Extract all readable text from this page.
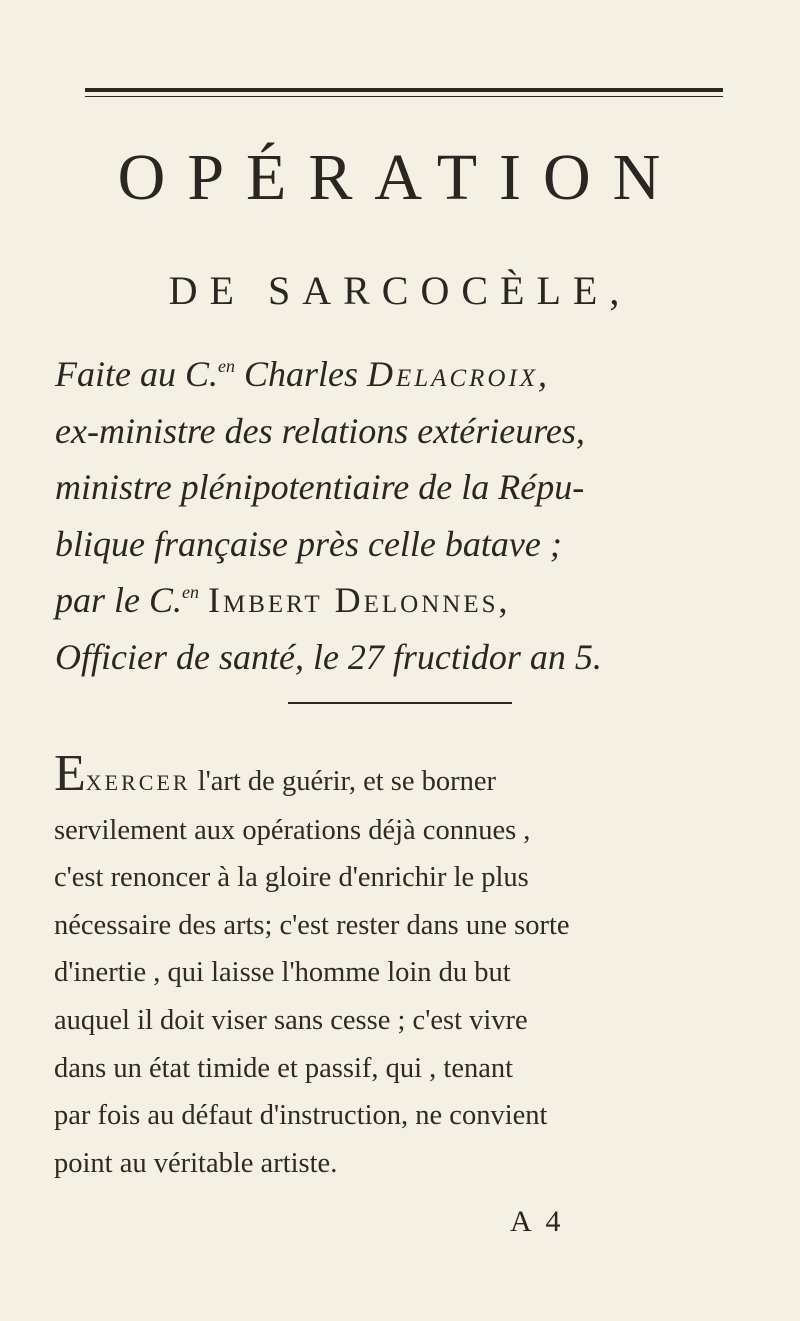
OPÉRATION
DE SARCOCÈLE,

Faite au C.$^{en}$ Charles Delacroix,
ex-ministre des relations extérieures,
ministre plénipotentiaire de la Répu-
blique française près celle batave ;
par le C.$^{en}$ Imbert Delonnes,
Officier de santé, le 27 fructidor an 5.

EXERCER l'art de guérir, et se borner
servilement aux opérations déjà connues ,
c'est renoncer à la gloire d'enrichir le plus
nécessaire des arts; c'est rester dans une sorte
d'inertie , qui laisse l'homme loin du but
auquel il doit viser sans cesse ; c'est vivre
dans un état timide et passif, qui , tenant
par fois au défaut d'instruction, ne convient
point au véritable artiste.

A 4
